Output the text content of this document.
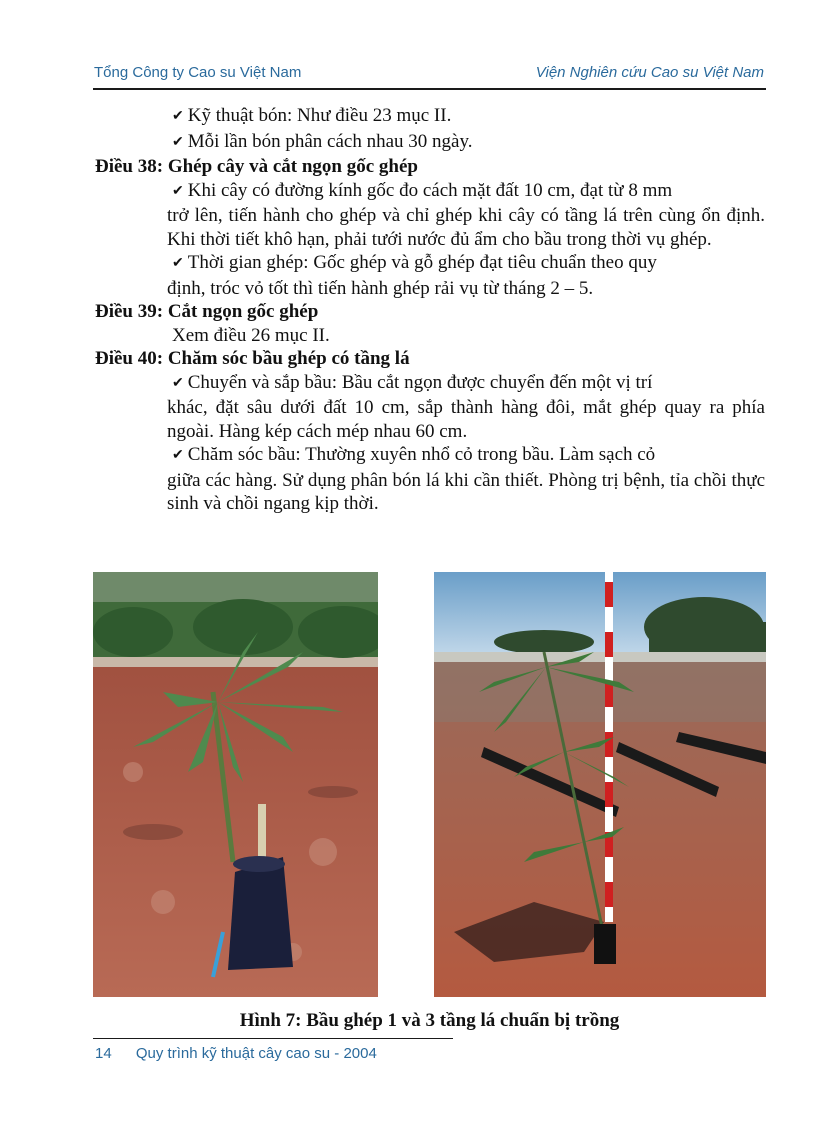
Tổng Công ty Cao su Việt Nam	Viện Nghiên cứu Cao su Việt Nam

✔ Kỹ thuật bón: Như điều 23 mục II.

✔ Mỗi lần bón phân cách nhau 30 ngày.

Điều 38: Ghép cây và cắt ngọn gốc ghép

✔ Khi cây có đường kính gốc đo cách mặt đất 10 cm, đạt từ 8 mm

trở lên, tiến hành cho ghép và chỉ ghép khi cây có tầng lá trên cùng ổn định. Khi thời tiết khô hạn, phải tưới nước đủ ẩm cho bầu trong thời vụ ghép.

✔ Thời gian ghép: Gốc ghép và gỗ ghép đạt tiêu chuẩn theo quy

định, tróc vỏ tốt thì tiến hành ghép rải vụ từ tháng 2 – 5.

Điều 39: Cắt ngọn gốc ghép

Xem điều 26 mục II.

Điều 40: Chăm sóc bầu ghép có tầng lá

✔ Chuyển và sắp bầu: Bầu cắt ngọn được chuyển đến một vị trí

khác, đặt sâu dưới đất 10 cm, sắp thành hàng đôi, mắt ghép quay ra phía ngoài. Hàng kép cách mép nhau 60 cm.

✔ Chăm sóc bầu: Thường xuyên nhổ cỏ trong bầu. Làm sạch cỏ

giữa các hàng. Sử dụng phân bón lá khi cần thiết. Phòng trị bệnh, tỉa chồi thực sinh và chồi ngang kịp thời.

Hình 7: Bầu ghép 1 và 3 tầng lá chuẩn bị trồng
14 Quy trình kỹ thuật cây cao su - 2004
